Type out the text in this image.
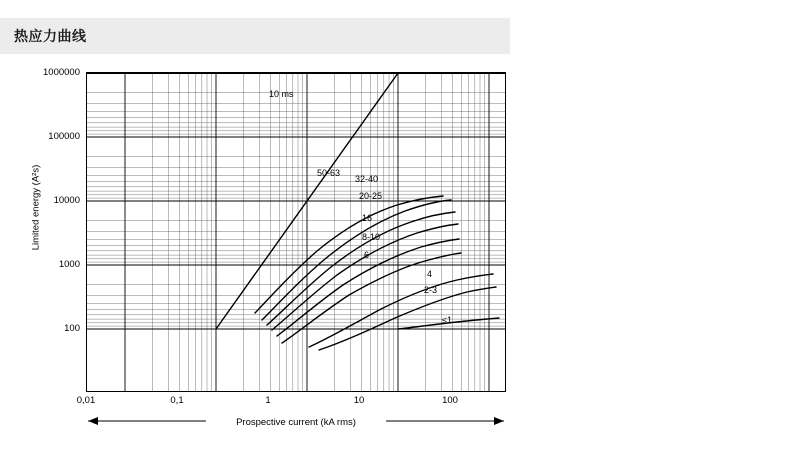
热应力曲线
Limited energy (A²s)
1000000
100000
10000
1000
100
0,01	0,1	1	10	100
Prospective current (kA rms)
10 ms
50-63
32-40
20-25
16
8-10
6
4
2-3
≤1
